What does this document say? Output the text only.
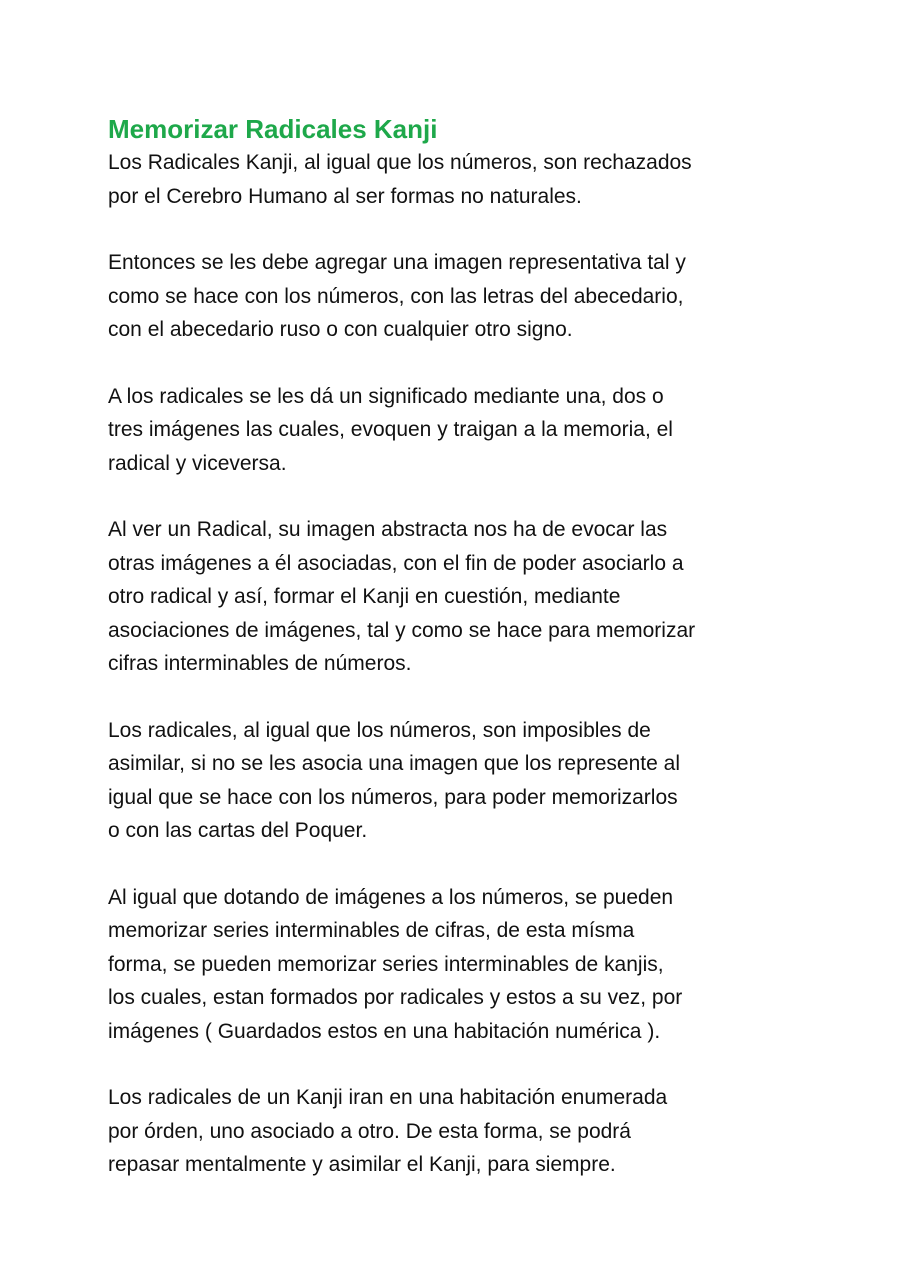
Memorizar Radicales Kanji

Los Radicales Kanji, al igual que los números, son rechazados
por el Cerebro Humano al ser formas no naturales.

Entonces se les debe agregar una imagen representativa tal y
como se hace con los números, con las letras del abecedario,
con el abecedario ruso o con cualquier otro signo.

A los radicales se les dá un significado mediante una, dos o
tres imágenes las cuales, evoquen y traigan a la memoria, el
radical y viceversa.

Al ver un Radical, su imagen abstracta nos ha de evocar las
otras imágenes a él asociadas, con el fin de poder asociarlo a
otro radical y así, formar el Kanji en cuestión, mediante
asociaciones de imágenes, tal y como se hace para memorizar
cifras interminables de números.

Los radicales, al igual que los números, son imposibles de
asimilar, si no se les asocia una imagen que los represente al
igual que se hace con los números, para poder memorizarlos
o con las cartas del Poquer.

Al igual que dotando de imágenes a los números, se pueden
memorizar series interminables de cifras, de esta mísma
forma, se pueden memorizar series interminables de kanjis,
los cuales, estan formados por radicales y estos a su vez, por
imágenes ( Guardados estos en una habitación numérica ).

Los radicales de un Kanji iran en una habitación enumerada
por órden, uno asociado a otro. De esta forma, se podrá
repasar mentalmente y asimilar el Kanji, para siempre.
